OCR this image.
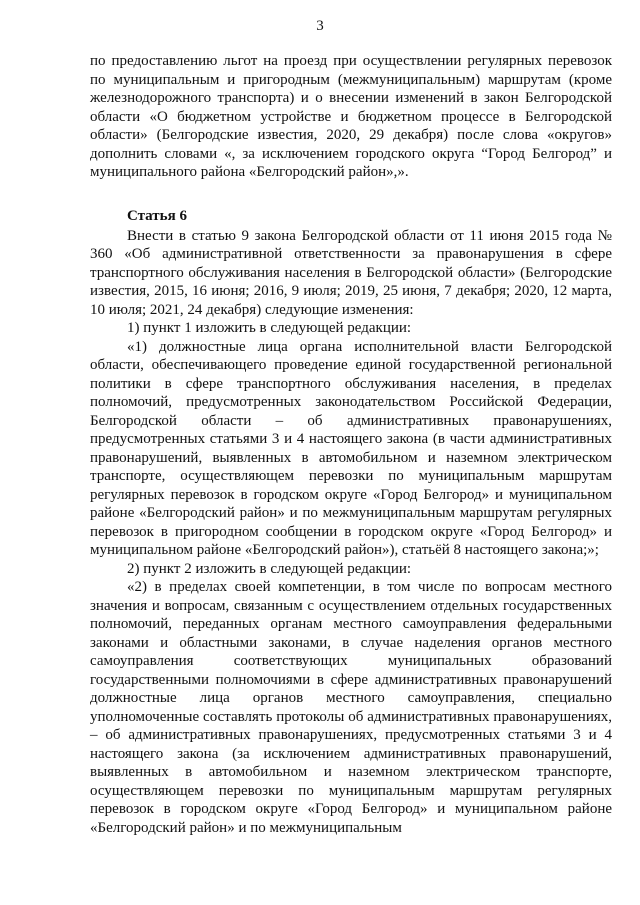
3

по предоставлению льгот на проезд при осуществлении регулярных перевозок по муниципальным и пригородным (межмуниципальным) маршрутам (кроме железнодорожного транспорта) и о внесении изменений в закон Белгородской области «О бюджетном устройстве и бюджетном процессе в Белгородской области» (Белгородские известия, 2020, 29 декабря) после слова «округов» дополнить словами «, за исключением городского округа “Город Белгород” и муниципального района «Белгородский район»,».

Статья 6

Внести в статью 9 закона Белгородской области от 11 июня 2015 года № 360 «Об административной ответственности за правонарушения в сфере транспортного обслуживания населения в Белгородской области» (Белгородские известия, 2015, 16 июня; 2016, 9 июля; 2019, 25 июня, 7 декабря; 2020, 12 марта, 10 июля; 2021, 24 декабря) следующие изменения:

1) пункт 1 изложить в следующей редакции:

«1) должностные лица органа исполнительной власти Белгородской области, обеспечивающего проведение единой государственной региональной политики в сфере транспортного обслуживания населения, в пределах полномочий, предусмотренных законодательством Российской Федерации, Белгородской области – об административных правонарушениях, предусмотренных статьями 3 и 4 настоящего закона (в части административных правонарушений, выявленных в автомобильном и наземном электрическом транспорте, осуществляющем перевозки по муниципальным маршрутам регулярных перевозок в городском округе «Город Белгород» и муниципальном районе «Белгородский район» и по межмуниципальным маршрутам регулярных перевозок в пригородном сообщении в городском округе «Город Белгород» и муниципальном районе «Белгородский район»), статьёй 8 настоящего закона;»;

2) пункт 2 изложить в следующей редакции:

«2) в пределах своей компетенции, в том числе по вопросам местного значения и вопросам, связанным с осуществлением отдельных государственных полномочий, переданных органам местного самоуправления федеральными законами и областными законами, в случае наделения органов местного самоуправления соответствующих муниципальных образований государственными полномочиями в сфере административных правонарушений должностные лица органов местного самоуправления, специально уполномоченные составлять протоколы об административных правонарушениях, – об административных правонарушениях, предусмотренных статьями 3 и 4 настоящего закона (за исключением административных правонарушений, выявленных в автомобильном и наземном электрическом транспорте, осуществляющем перевозки по муниципальным маршрутам регулярных перевозок в городском округе «Город Белгород» и муниципальном районе «Белгородский район» и по межмуниципальным
